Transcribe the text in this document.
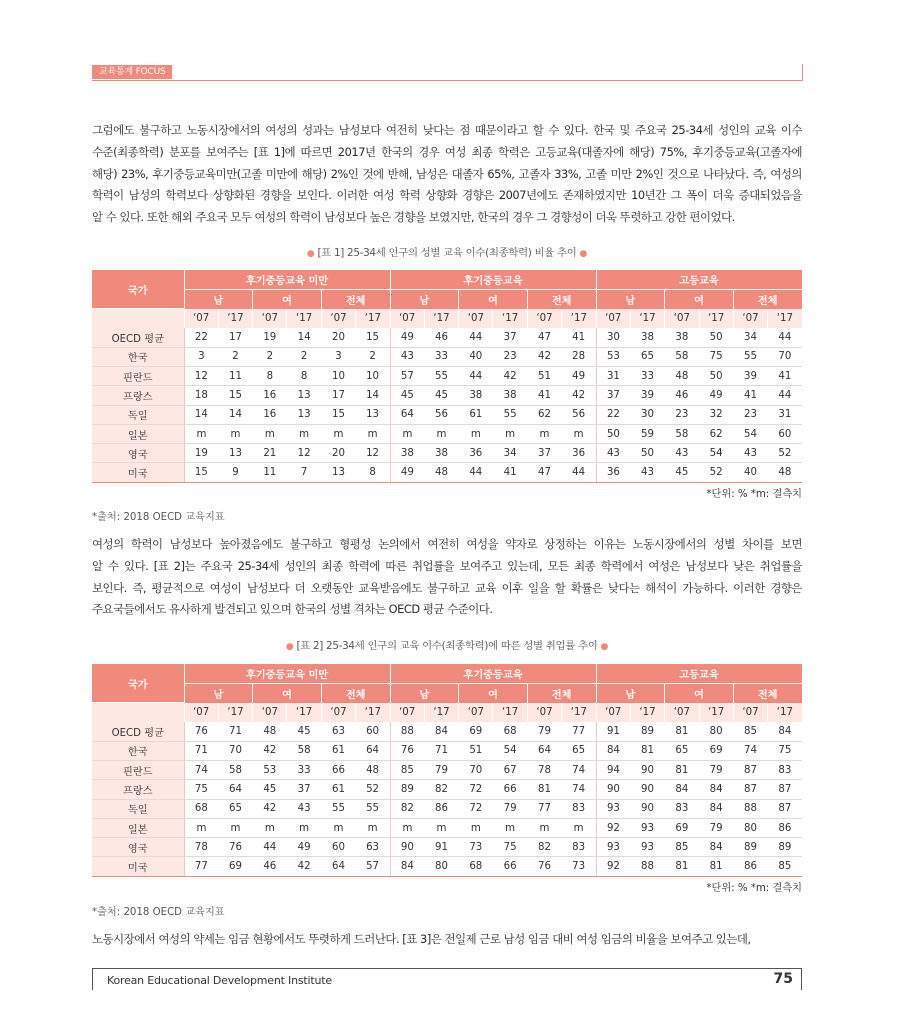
교육통계 FOCUS
그럼에도 불구하고 노동시장에서의 여성의 성과는 남성보다 여전히 낮다는 점 때문이라고 할 수 있다. 한국 및 주요국 25-34세 성인의 교육 이수
수준(최종학력) 분포를 보여주는 [표 1]에 따르면 2017년 한국의 경우 여성 최종 학력은 고등교육(대졸자에 해당) 75%, 후기중등교육(고졸자에
해당) 23%, 후기중등교육미만(고졸 미만에 해당) 2%인 것에 반해, 남성은 대졸자 65%, 고졸자 33%, 고졸 미만 2%인 것으로 나타났다. 즉, 여성의
학력이 남성의 학력보다 상향화된 경향을 보인다. 이러한 여성 학력 상향화 경향은 2007년에도 존재하였지만 10년간 그 폭이 더욱 증대되었음을
알 수 있다. 또한 해외 주요국 모두 여성의 학력이 남성보다 높은 경향을 보였지만, 한국의 경우 그 경향성이 더욱 뚜렷하고 강한 편이었다.
● [표 1] 25-34세 인구의 성별 교육 이수(최종학력) 비율 추이 ●
국가	후기중등교육 미만						후기중등교육						고등교육					
	남		여		전체		남		여		전체		남		여		전체	
	‘07	‘17	‘07	‘17	‘07	‘17	‘07	‘17	‘07	‘17	‘07	‘17	‘07	‘17	‘07	‘17	‘07	‘17
OECD 평균	22	17	19	14	20	15	49	46	44	37	47	41	30	38	38	50	34	44
한국	3	2	2	2	3	2	43	33	40	23	42	28	53	65	58	75	55	70
핀란드	12	11	8	8	10	10	57	55	44	42	51	49	31	33	48	50	39	41
프랑스	18	15	16	13	17	14	45	45	38	38	41	42	37	39	46	49	41	44
독일	14	14	16	13	15	13	64	56	61	55	62	56	22	30	23	32	23	31
일본	m	m	m	m	m	m	m	m	m	m	m	m	50	59	58	62	54	60
영국	19	13	21	12	20	12	38	38	36	34	37	36	43	50	43	54	43	52
미국	15	9	11	7	13	8	49	48	44	41	47	44	36	43	45	52	40	48
*단위: % *m: 결측치
*출처: 2018 OECD 교육지표
여성의 학력이 남성보다 높아졌음에도 불구하고 형평성 논의에서 여전히 여성을 약자로 상정하는 이유는 노동시장에서의 성별 차이를 보면
알 수 있다. [표 2]는 주요국 25-34세 성인의 최종 학력에 따른 취업률을 보여주고 있는데, 모든 최종 학력에서 여성은 남성보다 낮은 취업률을
보인다. 즉, 평균적으로 여성이 남성보다 더 오랫동안 교육받음에도 불구하고 교육 이후 일을 할 확률은 낮다는 해석이 가능하다. 이러한 경향은
주요국들에서도 유사하게 발견되고 있으며 한국의 성별 격차는 OECD 평균 수준이다.
● [표 2] 25-34세 인구의 교육 이수(최종학력)에 따른 성별 취업률 추이 ●
국가	후기중등교육 미만						후기중등교육						고등교육					
	남		여		전체		남		여		전체		남		여		전체	
	‘07	‘17	‘07	‘17	‘07	‘17	‘07	‘17	‘07	‘17	‘07	‘17	‘07	‘17	‘07	‘17	‘07	‘17
OECD 평균	76	71	48	45	63	60	88	84	69	68	79	77	91	89	81	80	85	84
한국	71	70	42	58	61	64	76	71	51	54	64	65	84	81	65	69	74	75
핀란드	74	58	53	33	66	48	85	79	70	67	78	74	94	90	81	79	87	83
프랑스	75	64	45	37	61	52	89	82	72	66	81	74	90	90	84	84	87	87
독일	68	65	42	43	55	55	82	86	72	79	77	83	93	90	83	84	88	87
일본	m	m	m	m	m	m	m	m	m	m	m	m	92	93	69	79	80	86
영국	78	76	44	49	60	63	90	91	73	75	82	83	93	93	85	84	89	89
미국	77	69	46	42	64	57	84	80	68	66	76	73	92	88	81	81	86	85
*단위: % *m: 결측치
*출처: 2018 OECD 교육지표
노동시장에서 여성의 약세는 임금 현황에서도 뚜렷하게 드러난다. [표 3]은 전일제 근로 남성 임금 대비 여성 임금의 비율을 보여주고 있는데,
Korean Educational Development Institute	75
